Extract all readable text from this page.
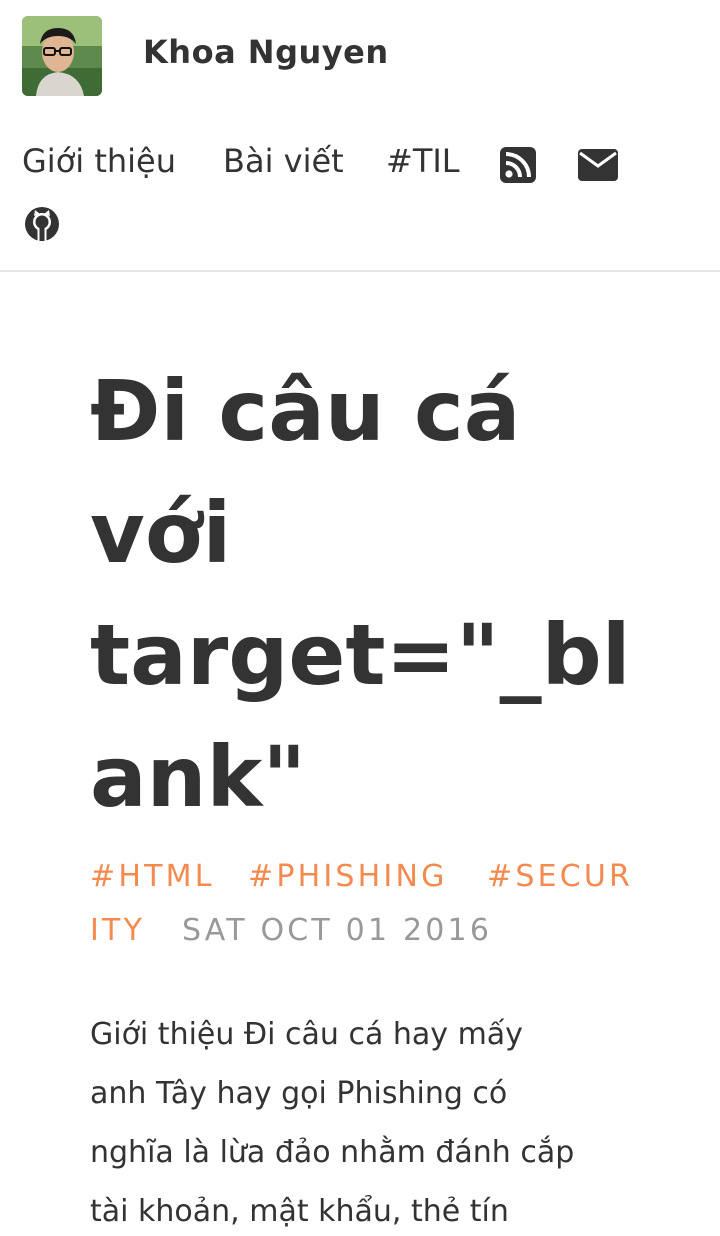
Khoa Nguyen
Giới thiệu Bài viết #TIL
Đi câu cá
với
target="_bl
ank"
#HTML #PHISHING #SECUR
ITY SAT OCT 01 2016

Giới thiệu Đi câu cá hay mấy
anh Tây hay gọi Phishing có
nghĩa là lừa đảo nhằm đánh cắp
tài khoản, mật khẩu, thẻ tín
